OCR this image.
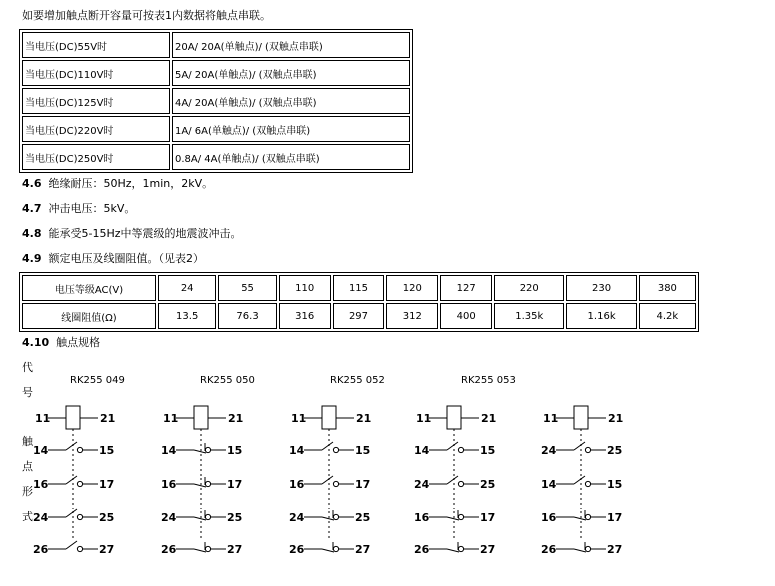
如要增加触点断开容量可按表1内数据将触点串联。
当电压(DC)55V时	20A/ 20A(单触点)/ (双触点串联)
当电压(DC)110V时	5A/ 20A(单触点)/ (双触点串联)
当电压(DC)125V时	4A/ 20A(单触点)/ (双触点串联)
当电压(DC)220V时	1A/ 6A(单触点)/ (双触点串联)
当电压(DC)250V时	0.8A/ 4A(单触点)/ (双触点串联)
4.6 绝缘耐压：50Hz，1min，2kV。
4.7 冲击电压：5kV。
4.8 能承受5-15Hz中等震级的地震波冲击。
4.9 额定电压及线圈阻值。（见表2）
电压等级AC(V)	24	55	110	115	120	127	220	230	380
线圈阻值(Ω)	13.5	76.3	316	297	312	400	1.35k	1.16k	4.2k
4.10 触点规格
代
号
触
点
形
式
RK255 049	RK255 050	RK255 052	RK255 053
11	21
14	15
16	17
24	25
26	27
11	21
14	15
16	17
24	25
26	27
11	21
14	15
16	17
24	25
26	27
11	21
14	15
24	25
16	17
26	27
11	21
24	25
14	15
16	17
26	27
